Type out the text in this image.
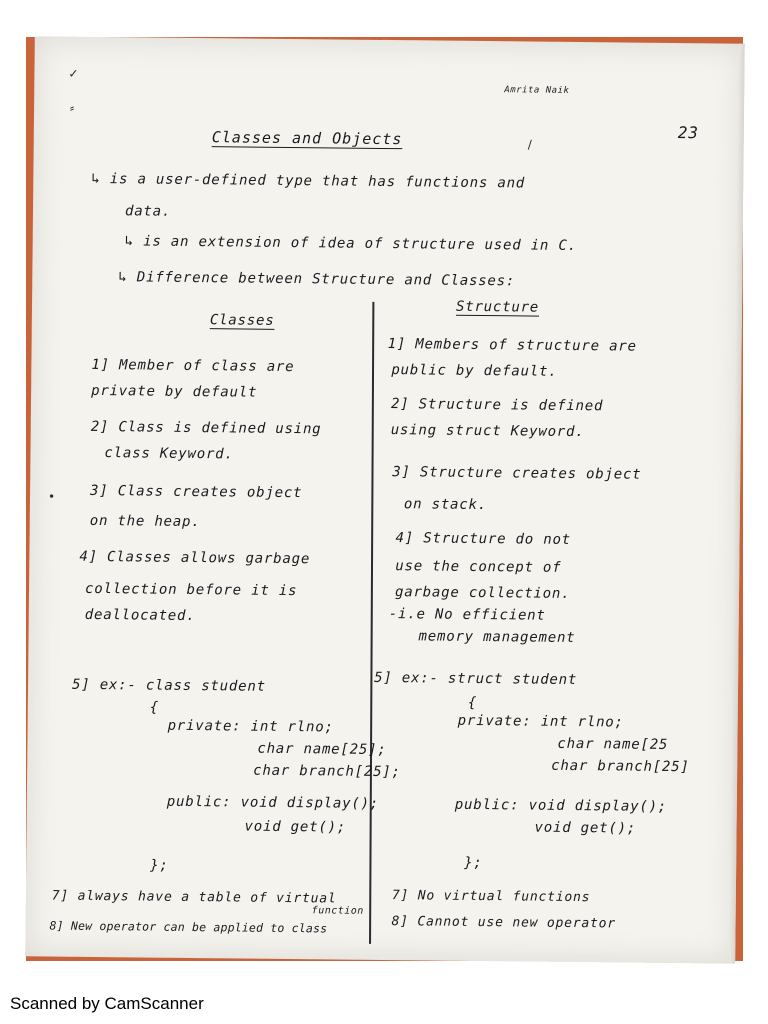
✓
⸗
/
•
Amrita Naik
23
Classes and Objects
↳ is a user-defined type that has functions and
data.
↳ is an extension of idea of structure used in C.
↳ Difference between Structure and Classes:
Classes
Structure
1] Member of class are
private by default
2] Class is defined using
class Keyword.
3] Class creates object
on the heap.
4] Classes allows garbage
collection before it is
deallocated.
1] Members of structure are
public by default.
2] Structure is defined
using struct Keyword.
3] Structure creates object
on stack.
4] Structure do not
use the concept of
garbage collection.
-i.e No efficient
memory management
5] ex:- class student
{
private: int rlno;
char name[25];
char branch[25];
public: void display();
void get();
};
5] ex:- struct student
{
private: int rlno;
char name[25
char branch[25]
public: void display();
void get();
};
7] always have a table of virtual
function
8] New operator can be applied to class
7] No virtual functions
8] Cannot use new operator
Scanned by CamScanner
